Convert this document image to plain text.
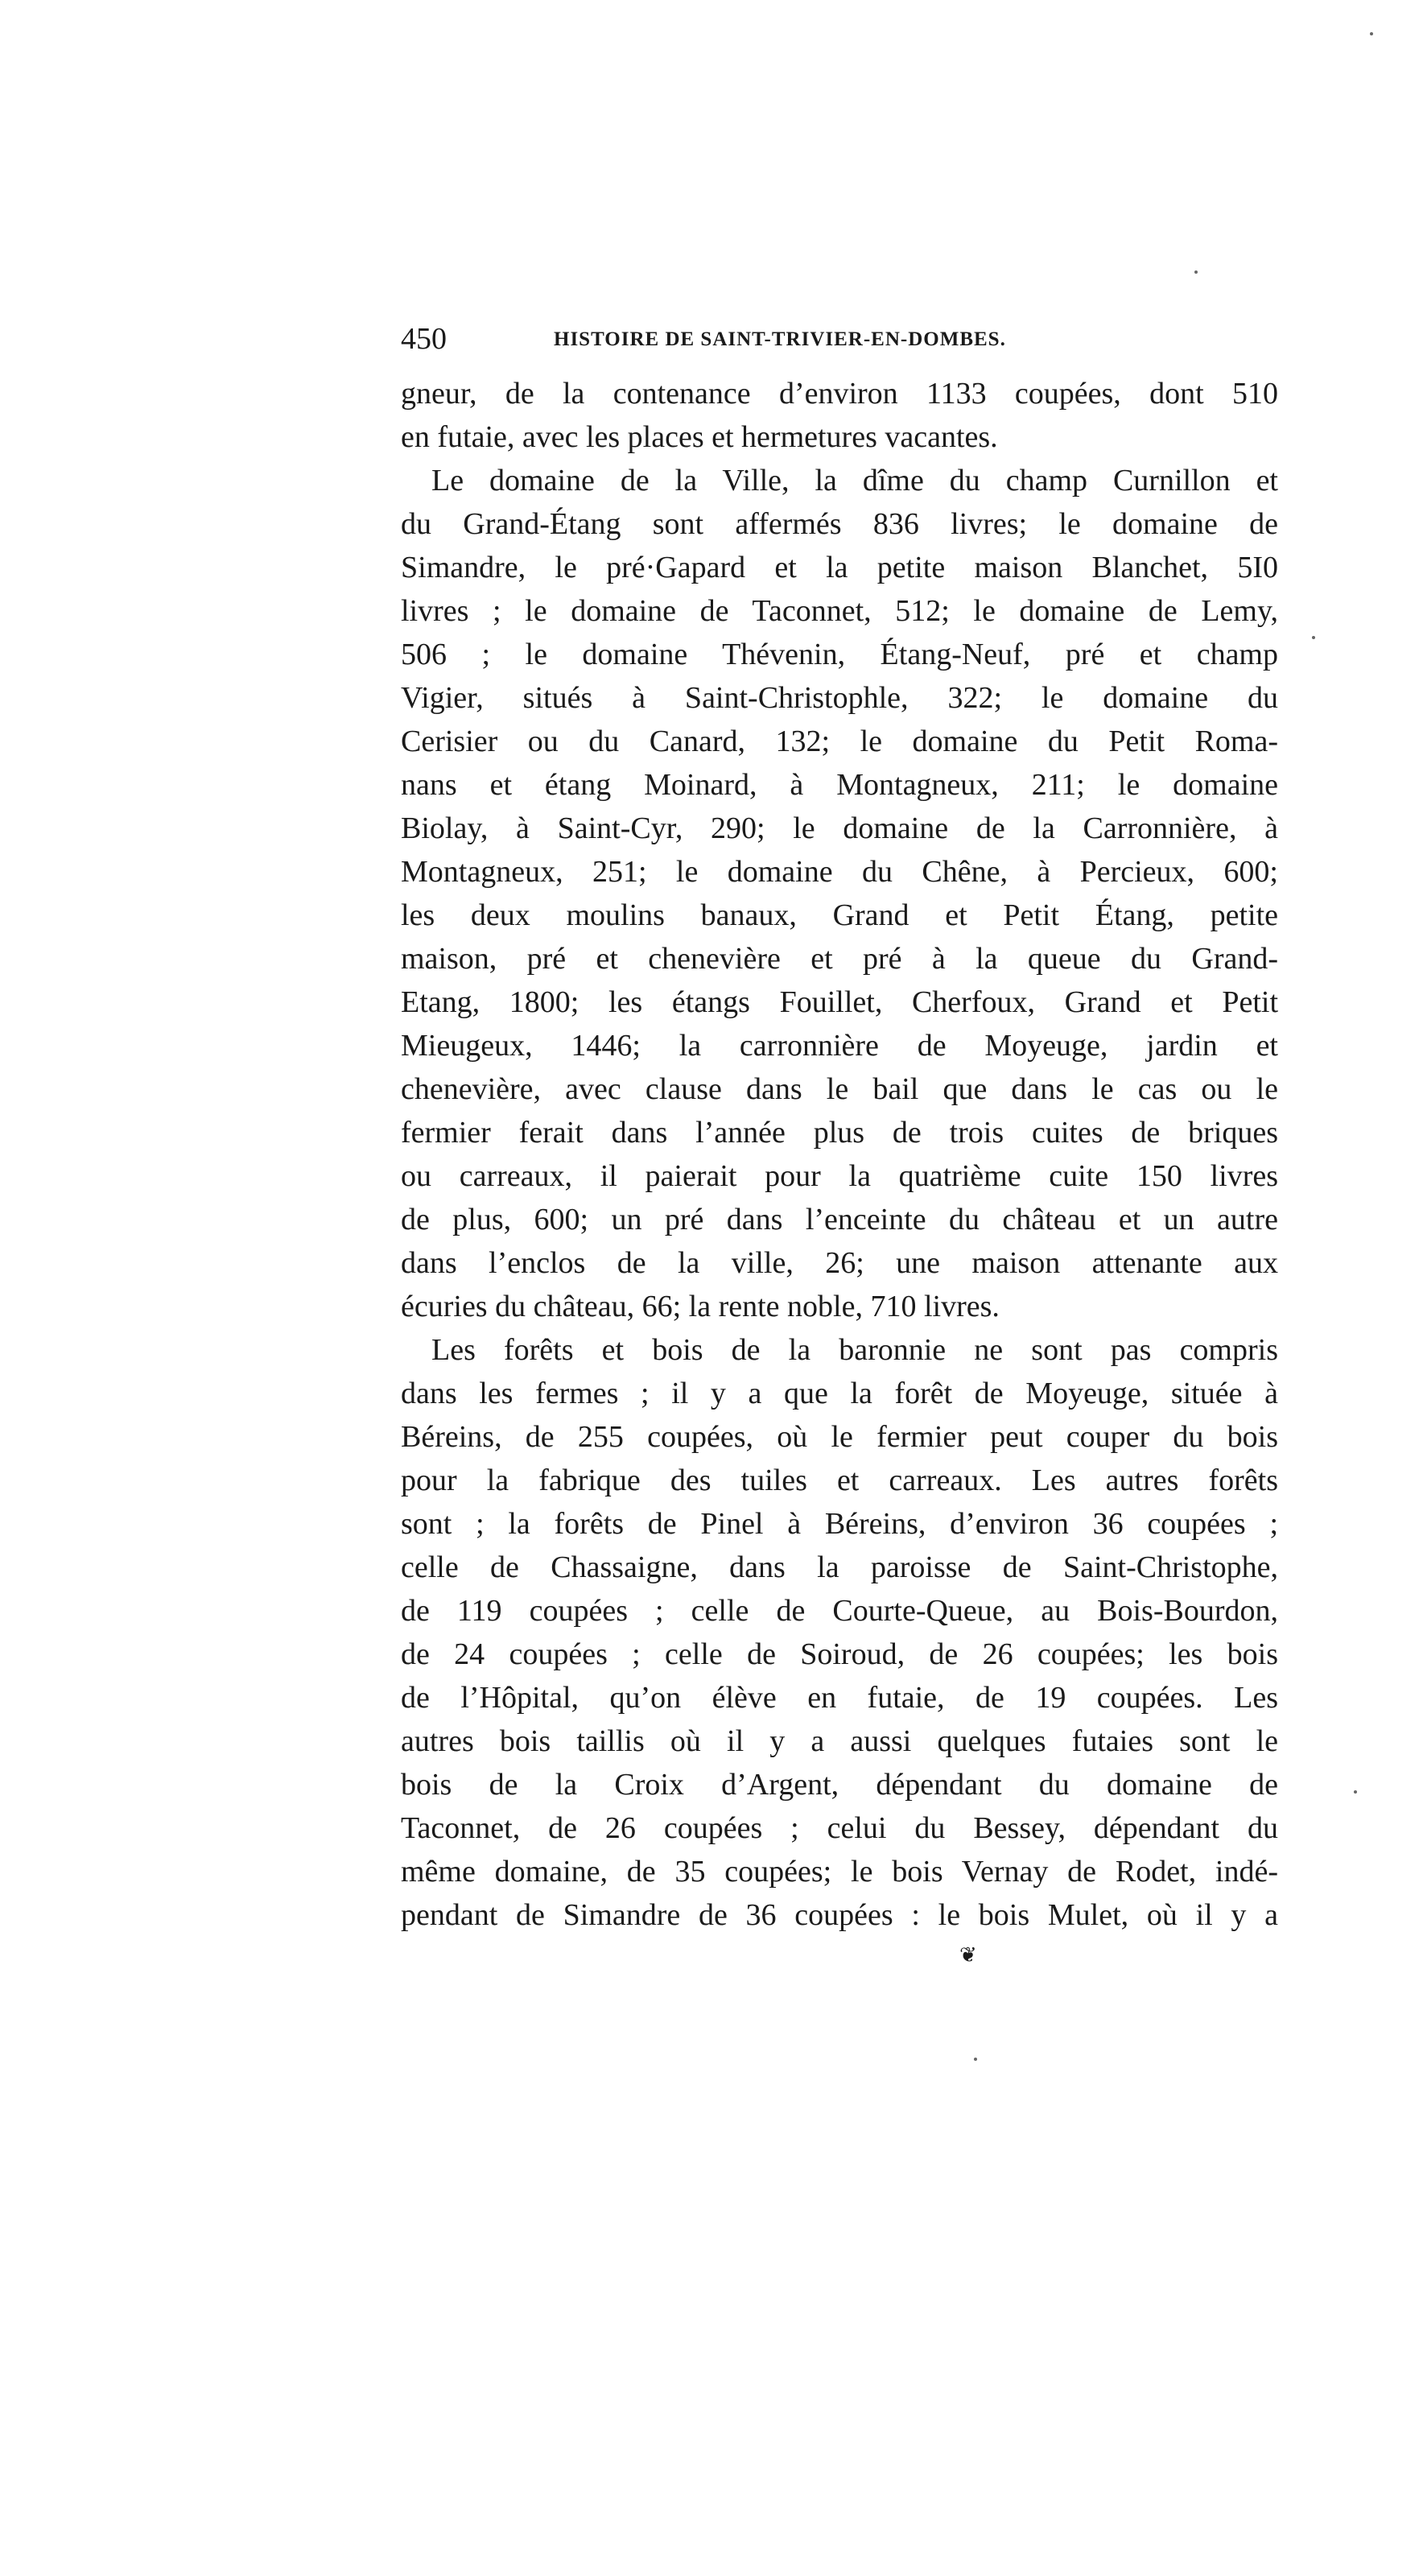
450	HISTOIRE DE SAINT-TRIVIER-EN-DOMBES.
gneur, de la contenance d’environ 1133 coupées, dont 510
en futaie, avec les places et hermetures vacantes.
Le domaine de la Ville, la dîme du champ Curnillon et
du Grand-Étang sont affermés 836 livres; le domaine de
Simandre, le pré·Gapard et la petite maison Blanchet, 5I0
livres ; le domaine de Taconnet, 512; le domaine de Lemy,
506 ; le domaine Thévenin, Étang-Neuf, pré et champ
Vigier, situés à Saint-Christophle, 322; le domaine du
Cerisier ou du Canard, 132; le domaine du Petit Roma-
nans et étang Moinard, à Montagneux, 211; le domaine
Biolay, à Saint-Cyr, 290; le domaine de la Carronnière, à
Montagneux, 251; le domaine du Chêne, à Percieux, 600;
les deux moulins banaux, Grand et Petit Étang, petite
maison, pré et chenevière et pré à la queue du Grand-
Etang, 1800; les étangs Fouillet, Cherfoux, Grand et Petit
Mieugeux, 1446; la carronnière de Moyeuge, jardin et
chenevière, avec clause dans le bail que dans le cas ou le
fermier ferait dans l’année plus de trois cuites de briques
ou carreaux, il paierait pour la quatrième cuite 150 livres
de plus, 600; un pré dans l’enceinte du château et un autre
dans l’enclos de la ville, 26; une maison attenante aux
écuries du château, 66; la rente noble, 710 livres.
Les forêts et bois de la baronnie ne sont pas compris
dans les fermes ; il y a que la forêt de Moyeuge, située à
Béreins, de 255 coupées, où le fermier peut couper du bois
pour la fabrique des tuiles et carreaux. Les autres forêts
sont ; la forêts de Pinel à Béreins, d’environ 36 coupées ;
celle de Chassaigne, dans la paroisse de Saint-Christophe,
de 119 coupées ; celle de Courte-Queue, au Bois-Bourdon,
de 24 coupées ; celle de Soiroud, de 26 coupées; les bois
de l’Hôpital, qu’on élève en futaie, de 19 coupées. Les
autres bois taillis où il y a aussi quelques futaies sont le
bois de la Croix d’Argent, dépendant du domaine de
Taconnet, de 26 coupées ; celui du Bessey, dépendant du
même domaine, de 35 coupées; le bois Vernay de Rodet, indé-
pendant de Simandre de 36 coupées : le bois Mulet, où il y a
❦
